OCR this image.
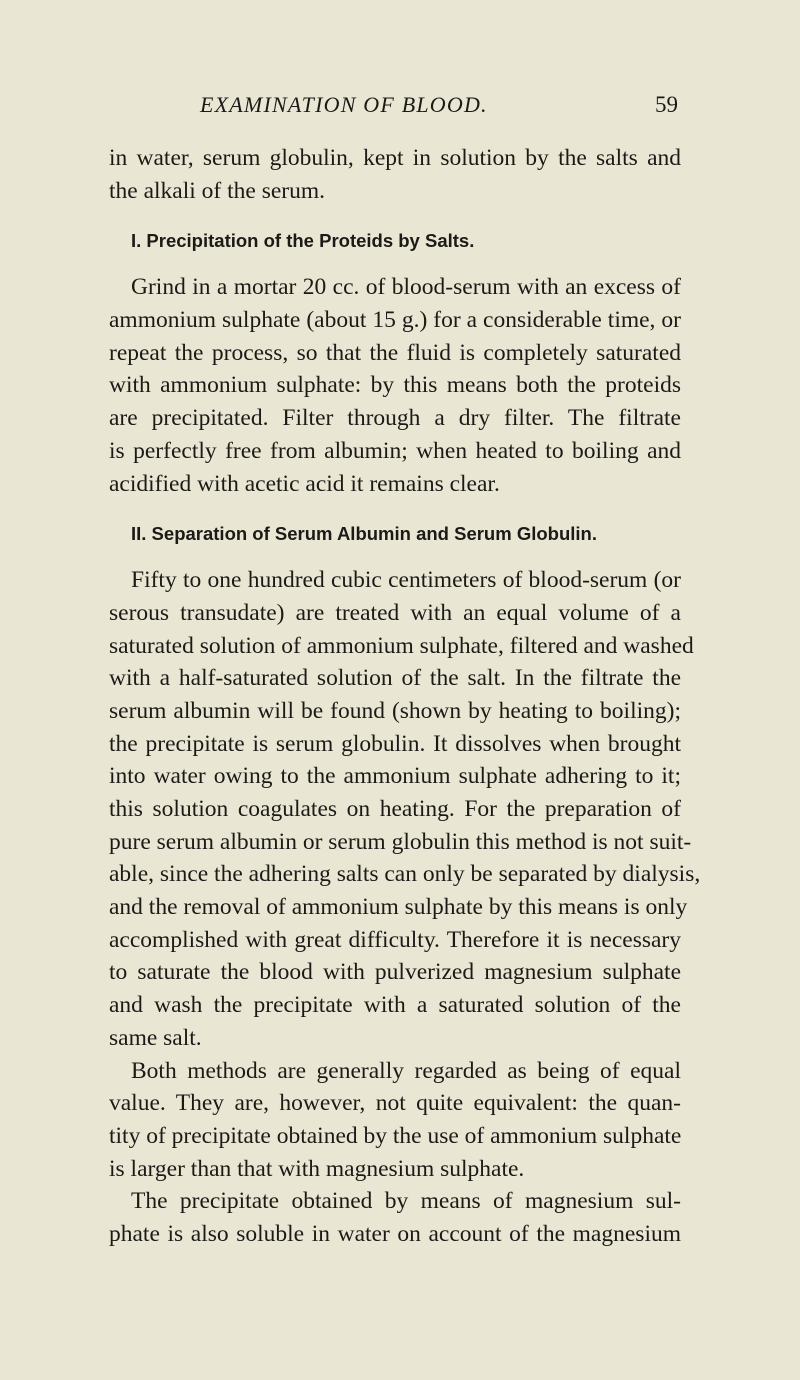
EXAMINATION OF BLOOD.	59
in water, serum globulin, kept in solution by the salts and
the alkali of the serum.
I. Precipitation of the Proteids by Salts.
Grind in a mortar 20 cc. of blood-serum with an excess of
ammonium sulphate (about 15 g.) for a considerable time, or
repeat the process, so that the fluid is completely saturated
with ammonium sulphate: by this means both the proteids
are precipitated. Filter through a dry filter. The filtrate
is perfectly free from albumin; when heated to boiling and
acidified with acetic acid it remains clear.
II. Separation of Serum Albumin and Serum Globulin.
Fifty to one hundred cubic centimeters of blood-serum (or
serous transudate) are treated with an equal volume of a
saturated solution of ammonium sulphate, filtered and washed
with a half-saturated solution of the salt. In the filtrate the
serum albumin will be found (shown by heating to boiling);
the precipitate is serum globulin. It dissolves when brought
into water owing to the ammonium sulphate adhering to it;
this solution coagulates on heating. For the preparation of
pure serum albumin or serum globulin this method is not suit-
able, since the adhering salts can only be separated by dialysis,
and the removal of ammonium sulphate by this means is only
accomplished with great difficulty. Therefore it is necessary
to saturate the blood with pulverized magnesium sulphate
and wash the precipitate with a saturated solution of the
same salt.
Both methods are generally regarded as being of equal
value. They are, however, not quite equivalent: the quan-
tity of precipitate obtained by the use of ammonium sulphate
is larger than that with magnesium sulphate.
The precipitate obtained by means of magnesium sul-
phate is also soluble in water on account of the magnesium
